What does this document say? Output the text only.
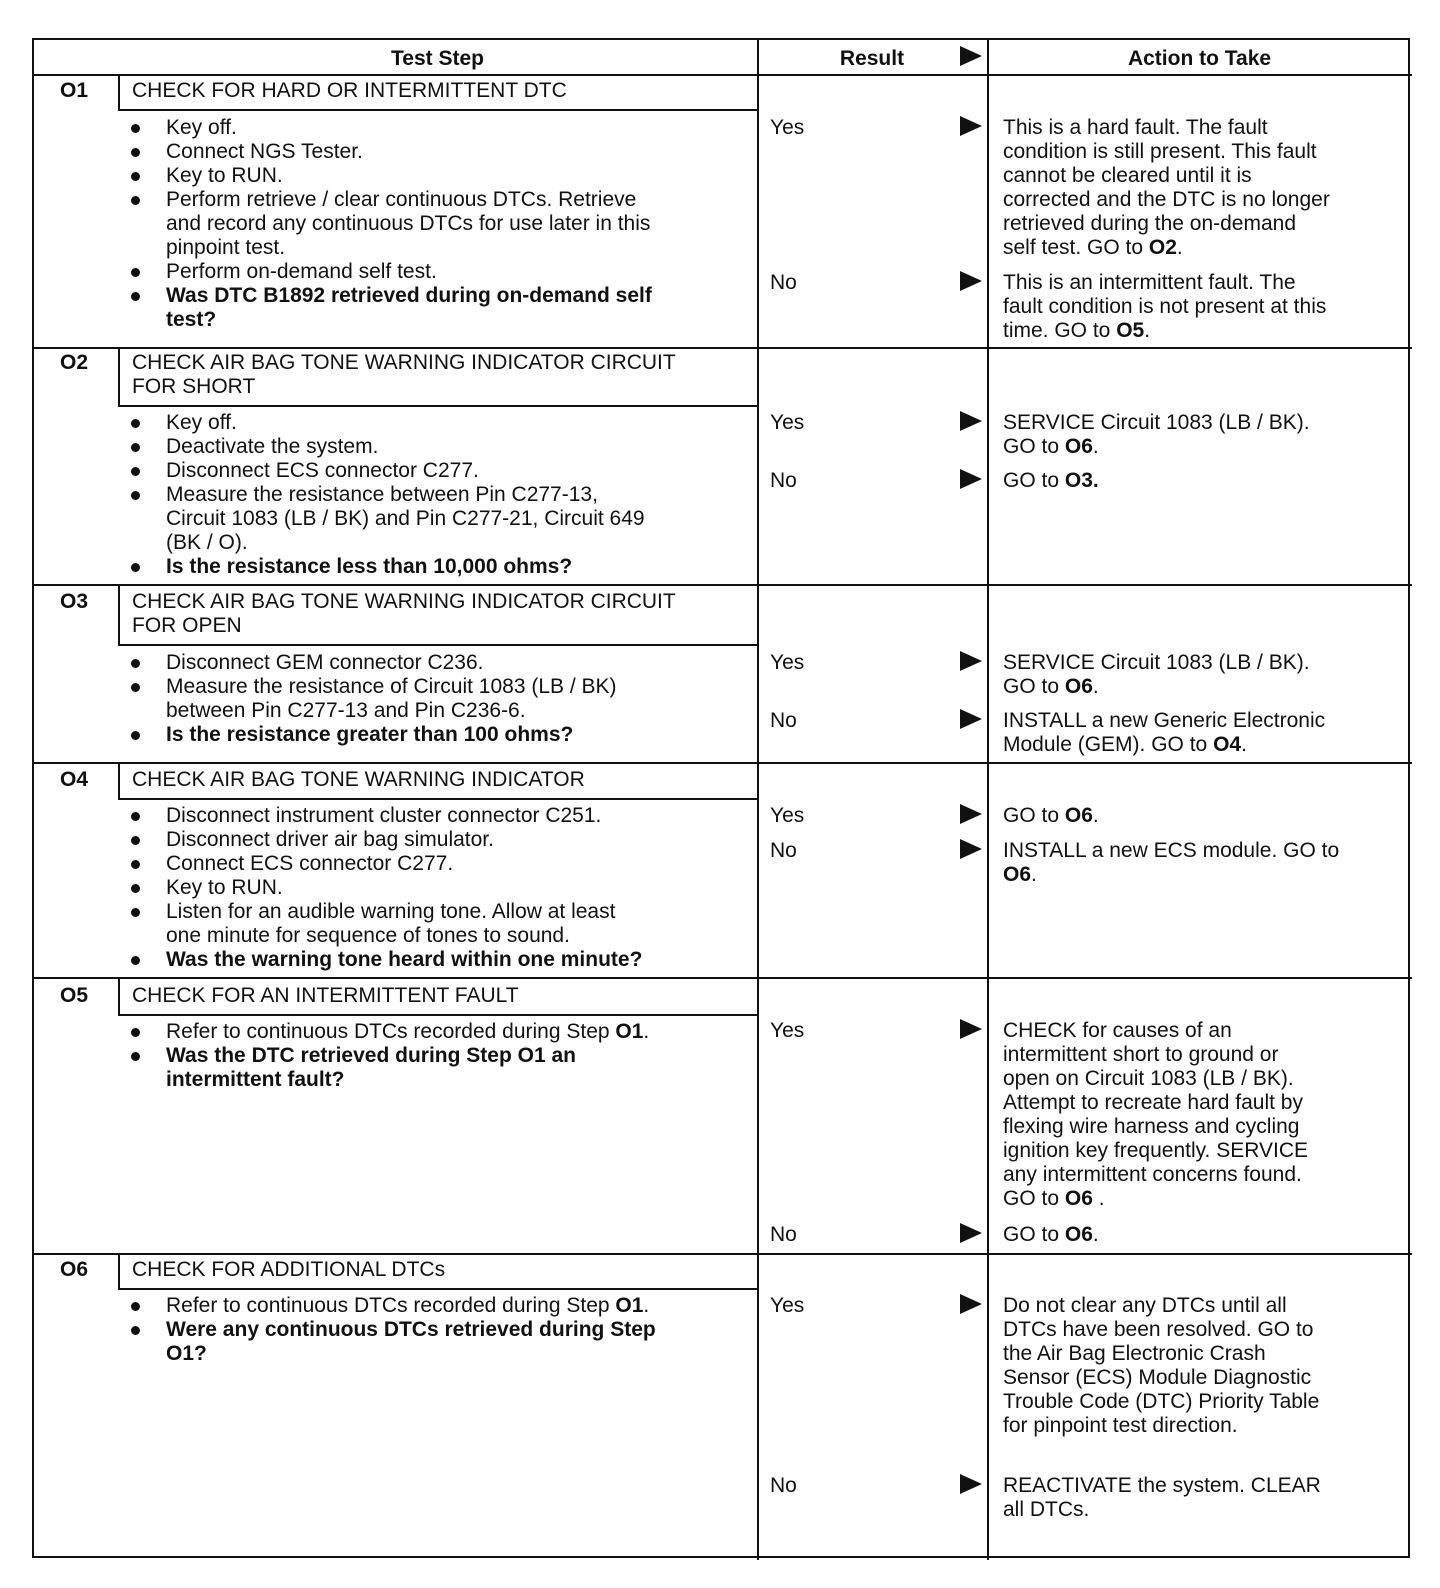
Test Step	Result	Action to Take
O1 CHECK FOR HARD OR INTERMITTENT DTC
Key off.
Connect NGS Tester.
Key to RUN.
Perform retrieve / clear continuous DTCs. Retrieve
and record any continuous DTCs for use later in this
pinpoint test.
Perform on-demand self test.
Was DTC B1892 retrieved during on-demand self
test?
Yes	This is a hard fault. The fault
condition is still present. This fault
cannot be cleared until it is
corrected and the DTC is no longer
retrieved during the on-demand
self test. GO to O2.
No	This is an intermittent fault. The
fault condition is not present at this
time. GO to O5.
O2 CHECK AIR BAG TONE WARNING INDICATOR CIRCUIT
FOR SHORT
Key off.
Deactivate the system.
Disconnect ECS connector C277.
Measure the resistance between Pin C277-13,
Circuit 1083 (LB / BK) and Pin C277-21, Circuit 649
(BK / O).
Is the resistance less than 10,000 ohms?
Yes	SERVICE Circuit 1083 (LB / BK).
GO to O6.
No	GO to O3.
O3 CHECK AIR BAG TONE WARNING INDICATOR CIRCUIT
FOR OPEN
Disconnect GEM connector C236.
Measure the resistance of Circuit 1083 (LB / BK)
between Pin C277-13 and Pin C236-6.
Is the resistance greater than 100 ohms?
Yes	SERVICE Circuit 1083 (LB / BK).
GO to O6.
No	INSTALL a new Generic Electronic
Module (GEM). GO to O4.
O4 CHECK AIR BAG TONE WARNING INDICATOR
Disconnect instrument cluster connector C251.
Disconnect driver air bag simulator.
Connect ECS connector C277.
Key to RUN.
Listen for an audible warning tone. Allow at least
one minute for sequence of tones to sound.
Was the warning tone heard within one minute?
Yes	GO to O6.
No	INSTALL a new ECS module. GO to
O6.
O5 CHECK FOR AN INTERMITTENT FAULT
Refer to continuous DTCs recorded during Step O1.
Was the DTC retrieved during Step O1 an
intermittent fault?
Yes	CHECK for causes of an
intermittent short to ground or
open on Circuit 1083 (LB / BK).
Attempt to recreate hard fault by
flexing wire harness and cycling
ignition key frequently. SERVICE
any intermittent concerns found.
GO to O6 .
No	GO to O6.
O6 CHECK FOR ADDITIONAL DTCs
Refer to continuous DTCs recorded during Step O1.
Were any continuous DTCs retrieved during Step
O1?
Yes	Do not clear any DTCs until all
DTCs have been resolved. GO to
the Air Bag Electronic Crash
Sensor (ECS) Module Diagnostic
Trouble Code (DTC) Priority Table
for pinpoint test direction.
No	REACTIVATE the system. CLEAR
all DTCs.
